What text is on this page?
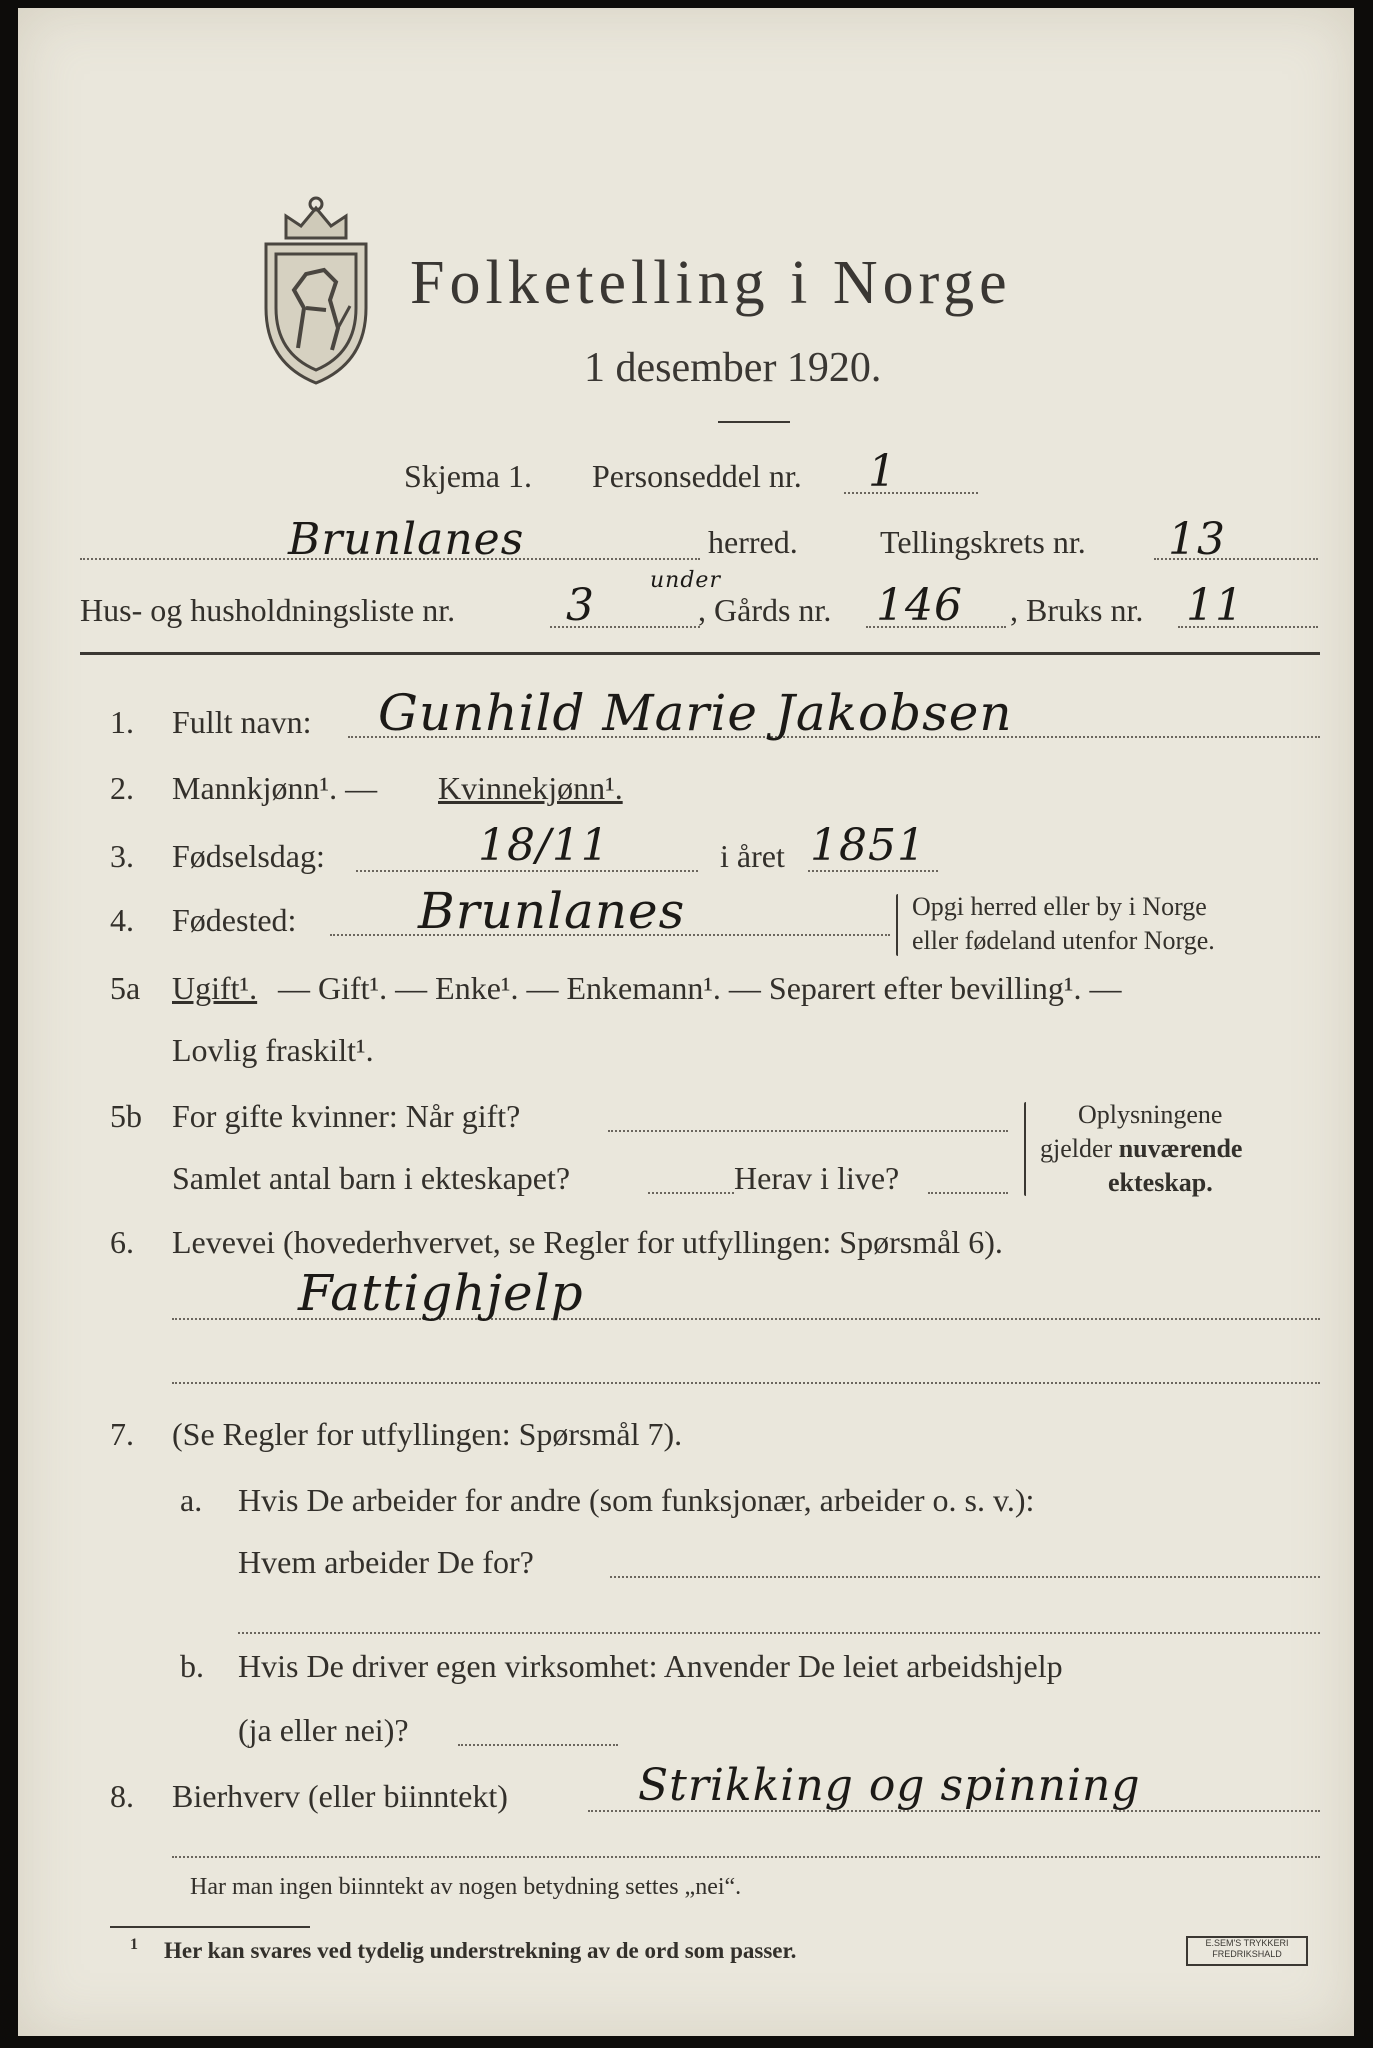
Folketelling i Norge
1 desember 1920.
Skjema 1. Personseddel nr. 1
Brunlanes	herred.	Tellingskrets nr. 13
Hus- og husholdningsliste nr.	3	under
, Gårds nr. 146 , Bruks nr. 11
1. Fullt navn: Gunhild Marie Jakobsen
2. Mannkjønn¹. — Kvinnekjønn¹.
3. Fødselsdag:	18/11	i året 1851
4. Fødested: Brunlanes	Opgi herred eller by i Norge
eller fødeland utenfor Norge.
5a Ugift¹. — Gift¹. — Enke¹. — Enkemann¹. — Separert efter bevilling¹. —
Lovlig fraskilt¹.
5b For gifte kvinner: Når gift?
Samlet antal barn i ekteskapet?	Herav i live?
Oplysningene
gjelder nuværende
ekteskap.
6. Levevei (hovederhvervet, se Regler for utfyllingen: Spørsmål 6).
Fattighjelp
7. (Se Regler for utfyllingen: Spørsmål 7).
a. Hvis De arbeider for andre (som funksjonær, arbeider o. s. v.):
Hvem arbeider De for?
b. Hvis De driver egen virksomhet: Anvender De leiet arbeidshjelp
(ja eller nei)?
8. Bierhverv (eller biinntekt)	Strikking og spinning
Har man ingen biinntekt av nogen betydning settes „nei“.
1 Her kan svares ved tydelig understrekning av de ord som passer.	E.SEM'S TRYKKERI
FREDRIKSHALD
